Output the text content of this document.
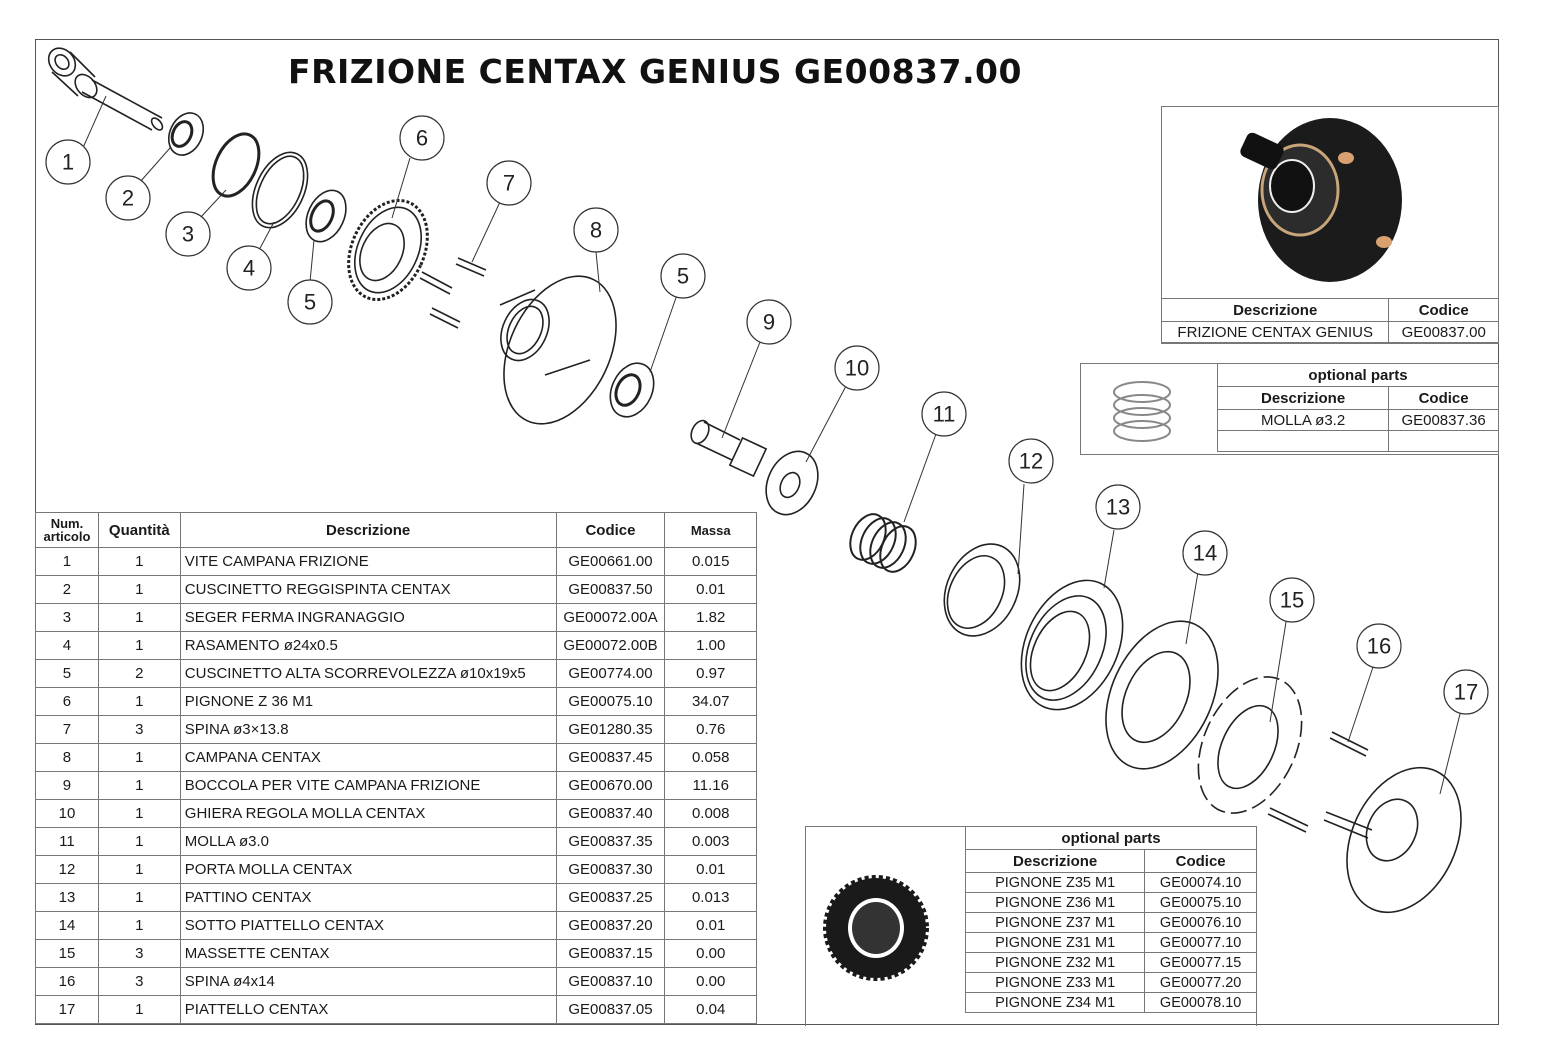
1
2
3
4
5
6
7
8
5
9
10
11
12
13
14
15
16
17
FRIZIONE CENTAX GENIUS GE00837.00
Num.
articolo	Quantità	Descrizione	Codice	Massa
1	1	VITE CAMPANA FRIZIONE	GE00661.00	0.015
2	1	CUSCINETTO REGGISPINTA CENTAX	GE00837.50	0.01
3	1	SEGER FERMA INGRANAGGIO	GE00072.00A	1.82
4	1	RASAMENTO ø24x0.5	GE00072.00B	1.00
5	2	CUSCINETTO ALTA SCORREVOLEZZA ø10x19x5	GE00774.00	0.97
6	1	PIGNONE Z 36 M1	GE00075.10	34.07
7	3	SPINA ø3×13.8	GE01280.35	0.76
8	1	CAMPANA CENTAX	GE00837.45	0.058
9	1	BOCCOLA PER VITE CAMPANA FRIZIONE	GE00670.00	11.16
10	1	GHIERA REGOLA MOLLA CENTAX	GE00837.40	0.008
11	1	MOLLA ø3.0	GE00837.35	0.003
12	1	PORTA MOLLA CENTAX	GE00837.30	0.01
13	1	PATTINO CENTAX	GE00837.25	0.013
14	1	SOTTO PIATTELLO CENTAX	GE00837.20	0.01
15	3	MASSETTE CENTAX	GE00837.15	0.00
16	3	SPINA ø4x14	GE00837.10	0.00
17	1	PIATTELLO CENTAX	GE00837.05	0.04
Descrizione	Codice
FRIZIONE CENTAX GENIUS	GE00837.00
optional parts	
Descrizione	Codice
MOLLA ø3.2	GE00837.36

optional parts	
Descrizione	Codice
PIGNONE Z35 M1	GE00074.10
PIGNONE Z36 M1	GE00075.10
PIGNONE Z37 M1	GE00076.10
PIGNONE Z31 M1	GE00077.10
PIGNONE Z32 M1	GE00077.15
PIGNONE Z33 M1	GE00077.20
PIGNONE Z34 M1	GE00078.10
